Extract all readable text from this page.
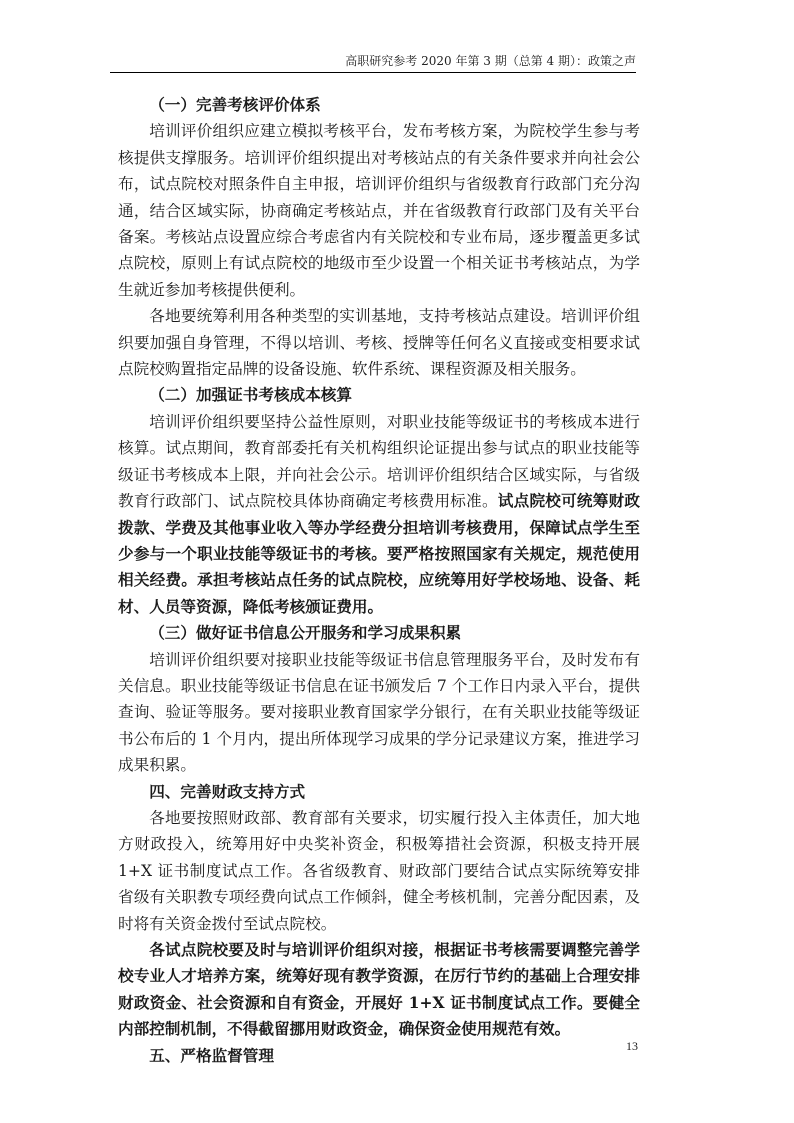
高职研究参考 2020 年第 3 期（总第 4 期）：政策之声

（一）完善考核评价体系

培训评价组织应建立模拟考核平台，发布考核方案，为院校学生参与考核提供支撑服务。培训评价组织提出对考核站点的有关条件要求并向社会公布，试点院校对照条件自主申报，培训评价组织与省级教育行政部门充分沟通，结合区域实际，协商确定考核站点，并在省级教育行政部门及有关平台备案。考核站点设置应综合考虑省内有关院校和专业布局，逐步覆盖更多试点院校，原则上有试点院校的地级市至少设置一个相关证书考核站点，为学生就近参加考核提供便利。

各地要统筹利用各种类型的实训基地，支持考核站点建设。培训评价组织要加强自身管理，不得以培训、考核、授牌等任何名义直接或变相要求试点院校购置指定品牌的设备设施、软件系统、课程资源及相关服务。

（二）加强证书考核成本核算

培训评价组织要坚持公益性原则，对职业技能等级证书的考核成本进行核算。试点期间，教育部委托有关机构组织论证提出参与试点的职业技能等级证书考核成本上限，并向社会公示。培训评价组织结合区域实际，与省级教育行政部门、试点院校具体协商确定考核费用标准。试点院校可统筹财政拨款、学费及其他事业收入等办学经费分担培训考核费用，保障试点学生至少参与一个职业技能等级证书的考核。要严格按照国家有关规定，规范使用相关经费。承担考核站点任务的试点院校，应统筹用好学校场地、设备、耗材、人员等资源，降低考核颁证费用。

（三）做好证书信息公开服务和学习成果积累

培训评价组织要对接职业技能等级证书信息管理服务平台，及时发布有关信息。职业技能等级证书信息在证书颁发后 7 个工作日内录入平台，提供查询、验证等服务。要对接职业教育国家学分银行，在有关职业技能等级证书公布后的 1 个月内，提出所体现学习成果的学分记录建议方案，推进学习成果积累。

四、完善财政支持方式

各地要按照财政部、教育部有关要求，切实履行投入主体责任，加大地方财政投入，统筹用好中央奖补资金，积极筹措社会资源，积极支持开展 1+X 证书制度试点工作。各省级教育、财政部门要结合试点实际统筹安排省级有关职教专项经费向试点工作倾斜，健全考核机制，完善分配因素，及时将有关资金拨付至试点院校。

各试点院校要及时与培训评价组织对接，根据证书考核需要调整完善学校专业人才培养方案，统筹好现有教学资源，在厉行节约的基础上合理安排财政资金、社会资源和自有资金，开展好 1+X 证书制度试点工作。要健全内部控制机制，不得截留挪用财政资金，确保资金使用规范有效。

五、严格监督管理	13
